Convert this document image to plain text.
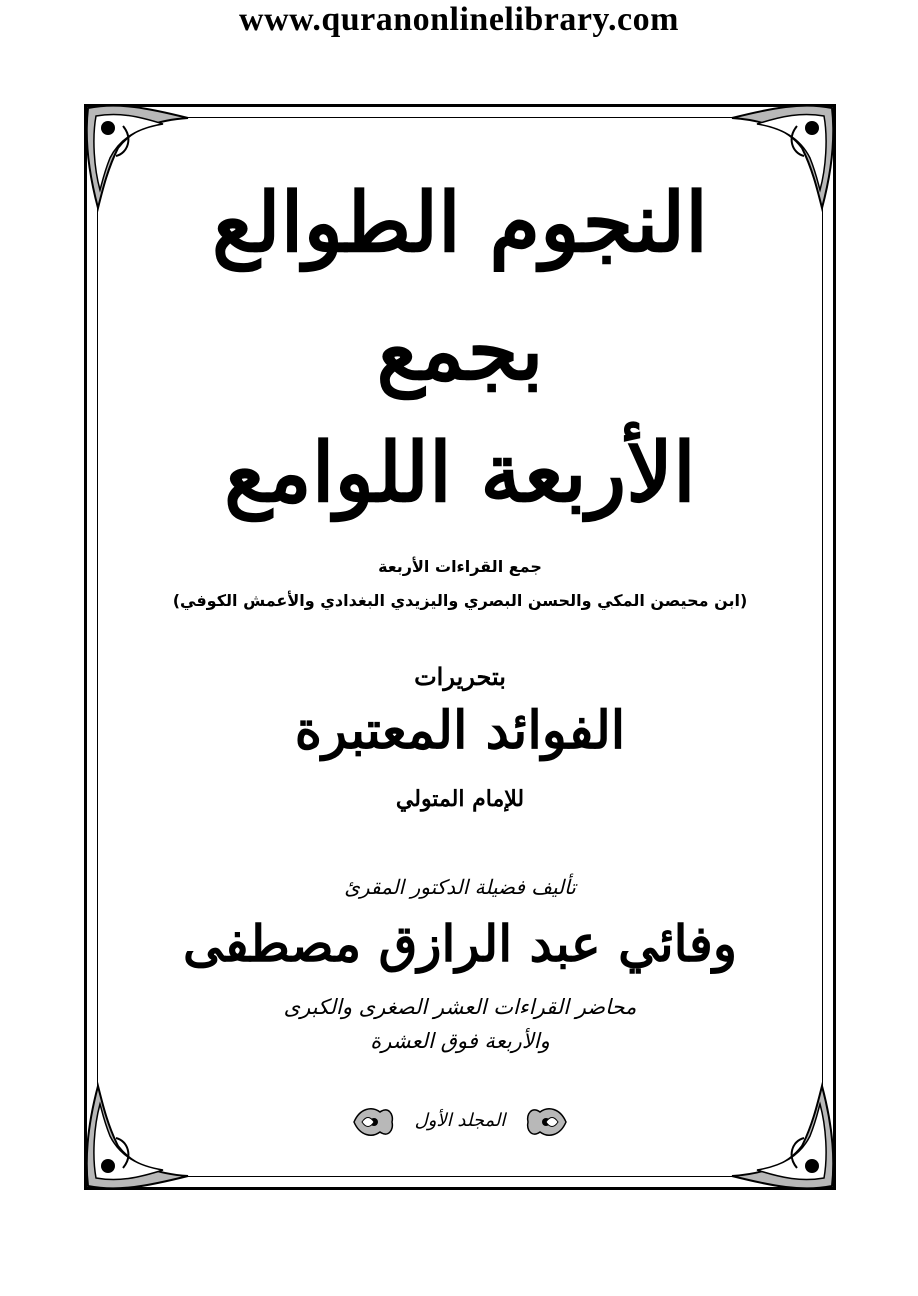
www.quranonlinelibrary.com
النجوم الطوالع
بجمع
الأربعة اللوامع
جمع القراءات الأربعة
(ابن محيصن المكي والحسن البصري واليزيدي البغدادي والأعمش الكوفي)
بتحريرات
الفوائد المعتبرة
للإمام المتولي
تأليف فضيلة الدكتور المقرئ
وفائي عبد الرازق مصطفى
محاضر القراءات العشر الصغرى والكبرى
والأربعة فوق العشرة
المجلد الأول
